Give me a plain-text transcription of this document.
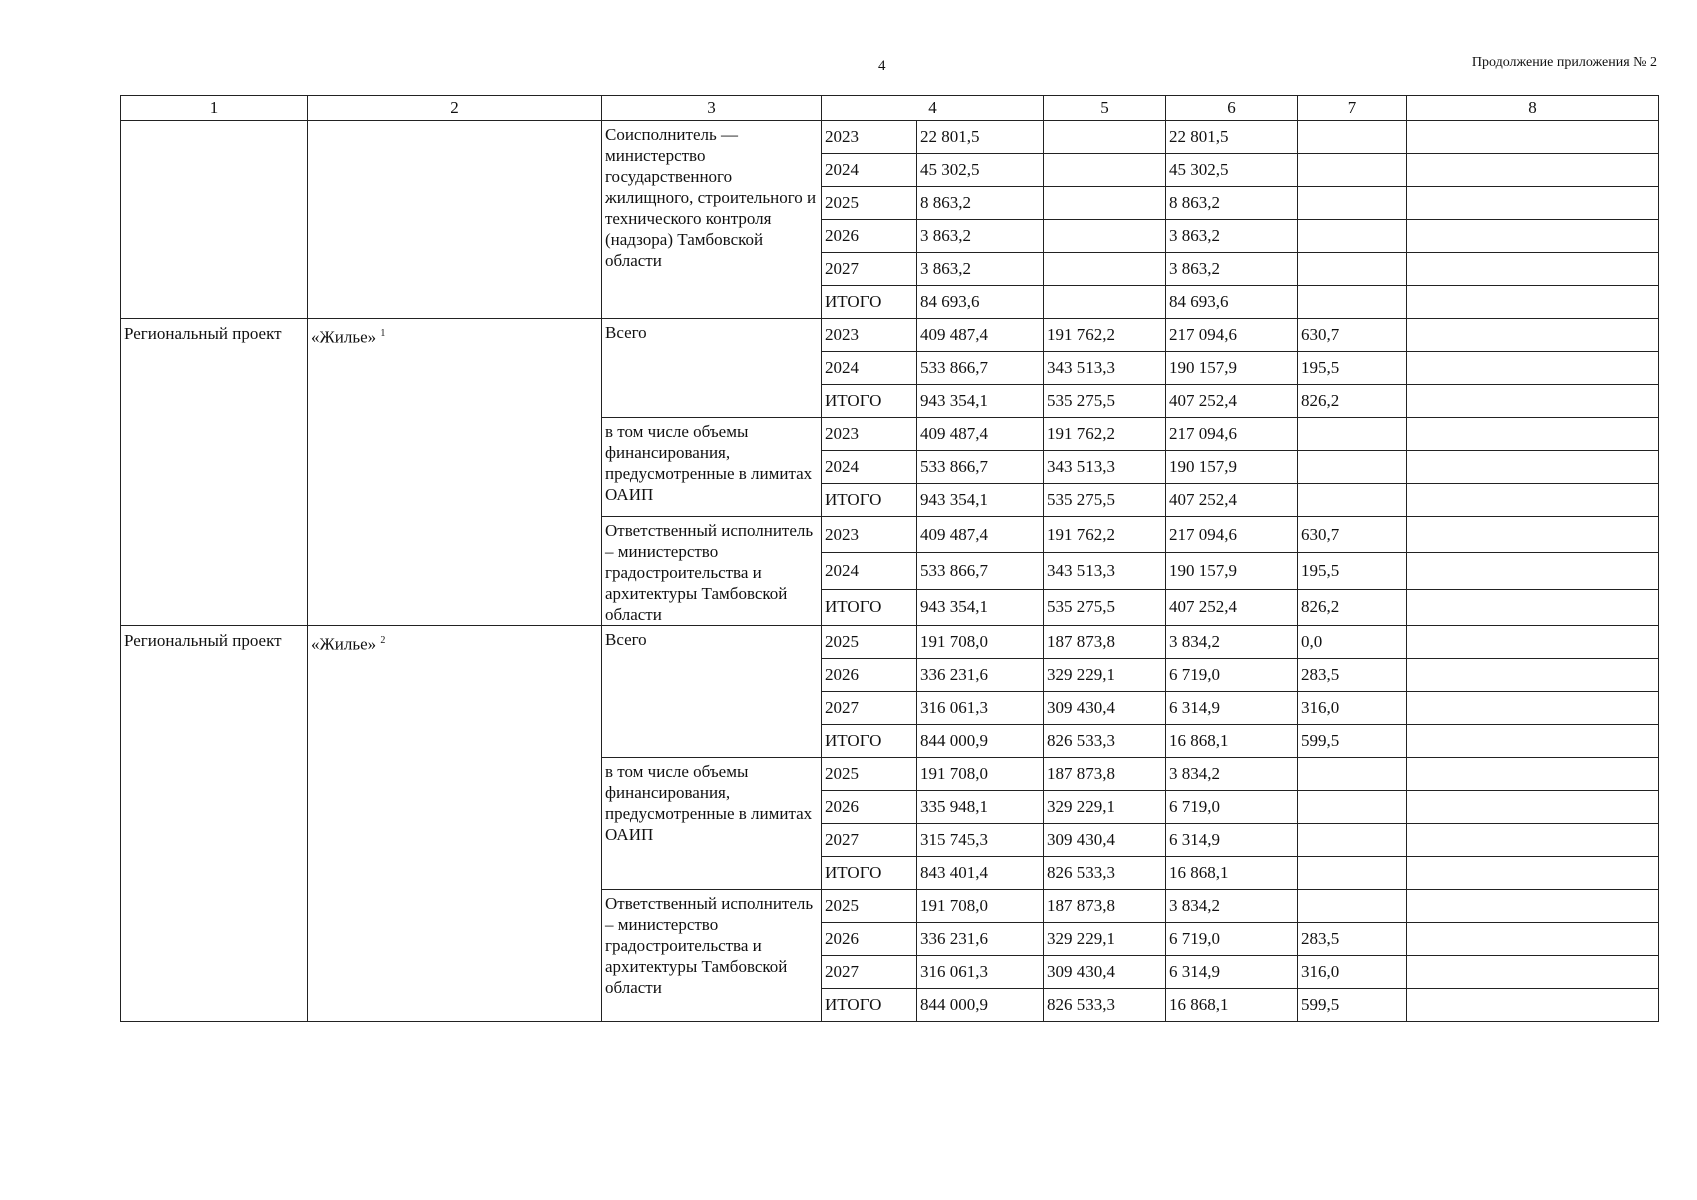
4	Продолжение приложения № 2
1	2	3	4		5	6	7	8
		Соисполнитель — министерство государственного жилищного, строительного и технического контроля (надзора) Тамбовской области	2023	22 801,5		22 801,5		
			2024	45 302,5		45 302,5		
			2025	8 863,2		8 863,2		
			2026	3 863,2		3 863,2		
			2027	3 863,2		3 863,2		
			ИТОГО	84 693,6		84 693,6		
Региональный проект	«Жилье» $^1$	Всего	2023	409 487,4	191 762,2	217 094,6	630,7	
			2024	533 866,7	343 513,3	190 157,9	195,5	
			ИТОГО	943 354,1	535 275,5	407 252,4	826,2	
		в том числе объемы финансирования, предусмотренные в лимитах ОАИП	2023	409 487,4	191 762,2	217 094,6		
			2024	533 866,7	343 513,3	190 157,9		
			ИТОГО	943 354,1	535 275,5	407 252,4		
		Ответственный исполнитель – министерство градостроительства и архитектуры Тамбовской области	2023	409 487,4	191 762,2	217 094,6	630,7	
			2024	533 866,7	343 513,3	190 157,9	195,5	
			ИТОГО	943 354,1	535 275,5	407 252,4	826,2	
Региональный проект	«Жилье» $^2$	Всего	2025	191 708,0	187 873,8	3 834,2	0,0	
			2026	336 231,6	329 229,1	6 719,0	283,5	
			2027	316 061,3	309 430,4	6 314,9	316,0	
			ИТОГО	844 000,9	826 533,3	16 868,1	599,5	
		в том числе объемы финансирования, предусмотренные в лимитах ОАИП	2025	191 708,0	187 873,8	3 834,2		
			2026	335 948,1	329 229,1	6 719,0		
			2027	315 745,3	309 430,4	6 314,9		
			ИТОГО	843 401,4	826 533,3	16 868,1		
		Ответственный исполнитель – министерство градостроительства и архитектуры Тамбовской области	2025	191 708,0	187 873,8	3 834,2		
			2026	336 231,6	329 229,1	6 719,0	283,5	
			2027	316 061,3	309 430,4	6 314,9	316,0	
			ИТОГО	844 000,9	826 533,3	16 868,1	599,5	
